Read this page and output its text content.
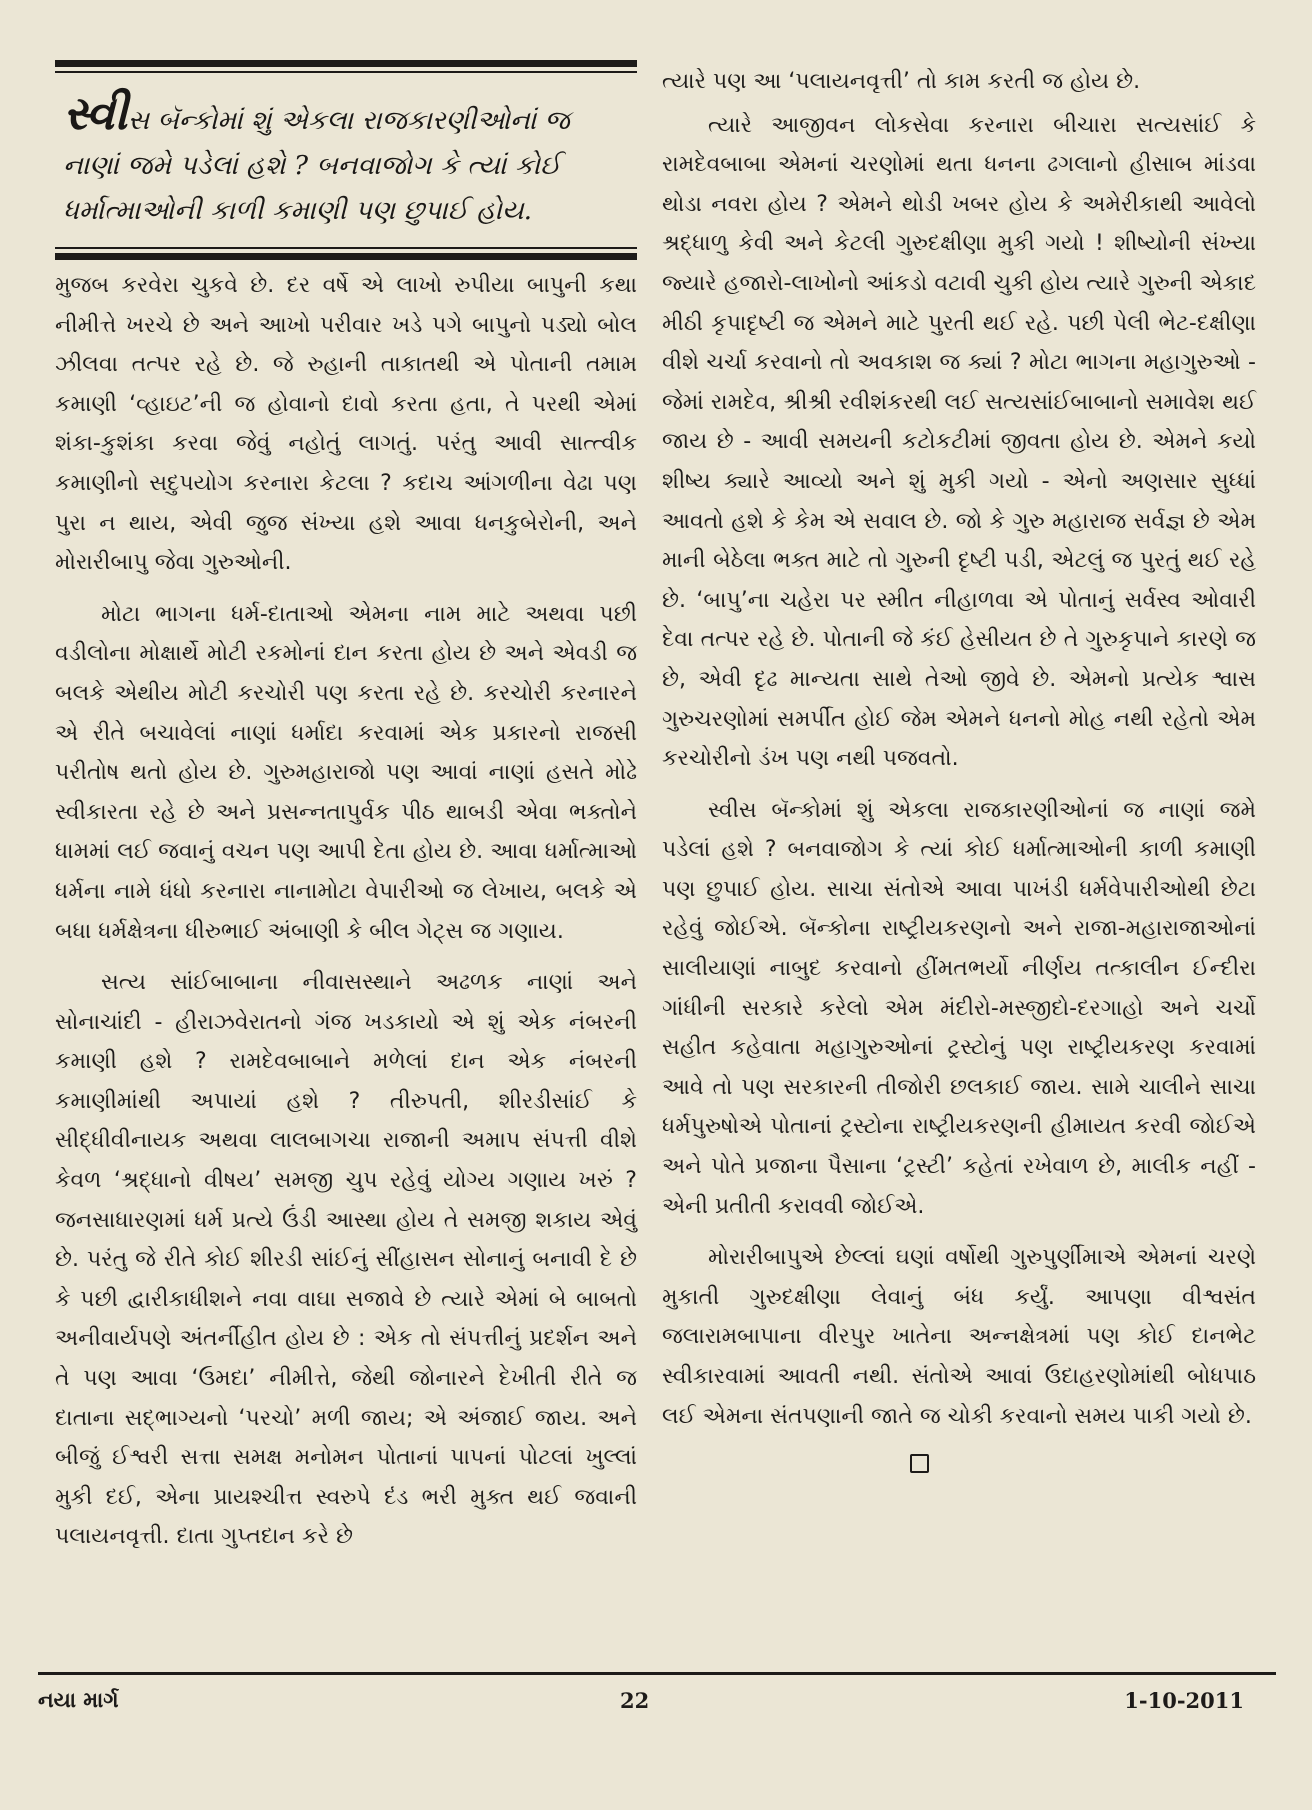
સ્વીસ બૅન્કોમાં શું એકલા રાજકારણીઓનાં જ નાણાં જમે પડેલાં હશે ? બનવાજોગ કે ત્યાં કોઈ ધર્માત્માઓની કાળી કમાણી પણ છુપાઈ હોય.

મુજબ કરવેરા ચુકવે છે. દર વર્ષે એ લાખો રુપીયા બાપુની કથા નીમીત્તે ખરચે છે અને આખો પરીવાર ખડે પગે બાપુનો પડ્યો બોલ ઝીલવા તત્પર રહે છે. જે રુહાની તાકાતથી એ પોતાની તમામ કમાણી ‘વ્હાઇટ’ની જ હોવાનો દાવો કરતા હતા, તે પરથી એમાં શંકા-કુશંકા કરવા જેવું નહોતું લાગતું. પરંતુ આવી સાત્ત્વીક કમાણીનો સદુપયોગ કરનારા કેટલા ? કદાચ આંગળીના વેઢા પણ પુરા ન થાય, એવી જુજ સંખ્યા હશે આવા ધનકુબેરોની, અને મોરારીબાપુ જેવા ગુરુઓની.

મોટા ભાગના ધર્મ-દાતાઓ એમના નામ માટે અથવા પછી વડીલોના મોક્ષાર્થે મોટી રકમોનાં દાન કરતા હોય છે અને એવડી જ બલકે એથીય મોટી કરચોરી પણ કરતા રહે છે. કરચોરી કરનારને એ રીતે બચાવેલાં નાણાં ધર્માદા કરવામાં એક પ્રકારનો રાજસી પરીતોષ થતો હોય છે. ગુરુમહારાજો પણ આવાં નાણાં હસતે મોઢે સ્વીકારતા રહે છે અને પ્રસન્નતાપુર્વક પીઠ થાબડી એવા ભક્તોને ધામમાં લઈ જવાનું વચન પણ આપી દેતા હોય છે. આવા ધર્માત્માઓ ધર્મના નામે ધંધો કરનારા નાનામોટા વેપારીઓ જ લેખાય, બલકે એ બધા ધર્મક્ષેત્રના ધીરુભાઈ અંબાણી કે બીલ ગેટ્સ જ ગણાય.

સત્ય સાંઈબાબાના નીવાસસ્થાને અઢળક નાણાં અને સોનાચાંદી - હીરાઝવેરાતનો ગંજ ખડકાયો એ શું એક નંબરની કમાણી હશે ? રામદેવબાબાને મળેલાં દાન એક નંબરની કમાણીમાંથી અપાયાં હશે ? તીરુપતી, શીરડીસાંઈ કે સીદ્ધીવીનાયક અથવા લાલબાગચા રાજાની અમાપ સંપત્તી વીશે કેવળ ‘શ્રદ્ધાનો વીષય’ સમજી ચુપ રહેવું યોગ્ય ગણાય ખરું ? જનસાધારણમાં ધર્મ પ્રત્યે ઉંડી આસ્થા હોય તે સમજી શકાય એવું છે. પરંતુ જે રીતે કોઈ શીરડી સાંઈનું સીંહાસન સોનાનું બનાવી દે છે કે પછી દ્વારીકાધીશને નવા વાઘા સજાવે છે ત્યારે એમાં બે બાબતો અનીવાર્યપણે અંતર્નીહીત હોય છે : એક તો સંપત્તીનું પ્રદર્શન અને તે પણ આવા ‘ઉમદા’ નીમીત્તે, જેથી જોનારને દેખીતી રીતે જ દાતાના સદ્ભાગ્યનો ‘પરચો’ મળી જાય; એ અંજાઈ જાય. અને બીજું ઈશ્વરી સત્તા સમક્ષ મનોમન પોતાનાં પાપનાં પોટલાં ખુલ્લાં મુકી દઈ, એના પ્રાયશ્ચીત્ત સ્વરુપે દંડ ભરી મુક્ત થઈ જવાની પલાયનવૃત્તી. દાતા ગુપ્તદાન કરે છે

ત્યારે પણ આ ‘પલાયનવૃત્તી’ તો કામ કરતી જ હોય છે.

ત્યારે આજીવન લોકસેવા કરનારા બીચારા સત્યસાંઈ કે રામદેવબાબા એમનાં ચરણોમાં થતા ધનના ઢગલાનો હીસાબ માંડવા થોડા નવરા હોય ? એમને થોડી ખબર હોય કે અમેરીકાથી આવેલો શ્રદ્ધાળુ કેવી અને કેટલી ગુરુદક્ષીણા મુકી ગયો ! શીષ્યોની સંખ્યા જ્યારે હજારો-લાખોનો આંકડો વટાવી ચુકી હોય ત્યારે ગુરુની એકાદ મીઠી કૃપાદૃષ્ટી જ એમને માટે પુરતી થઈ રહે. પછી પેલી ભેટ-દક્ષીણા વીશે ચર્ચા કરવાનો તો અવકાશ જ ક્યાં ? મોટા ભાગના મહાગુરુઓ - જેમાં રામદેવ, શ્રીશ્રી રવીશંકરથી લઈ સત્યસાંઈબાબાનો સમાવેશ થઈ જાય છે - આવી સમયની કટોકટીમાં જીવતા હોય છે. એમને કયો શીષ્ય ક્યારે આવ્યો અને શું મુકી ગયો - એનો અણસાર સુધ્ધાં આવતો હશે કે કેમ એ સવાલ છે. જો કે ગુરુ મહારાજ સર્વજ્ઞ છે એમ માની બેઠેલા ભક્ત માટે તો ગુરુની દૃષ્ટી પડી, એટલું જ પુરતું થઈ રહે છે. ‘બાપુ’ના ચહેરા પર સ્મીત નીહાળવા એ પોતાનું સર્વસ્વ ઓવારી દેવા તત્પર રહે છે. પોતાની જે કંઈ હેસીયત છે તે ગુરુકૃપાને કારણે જ છે, એવી દૃઢ માન્યતા સાથે તેઓ જીવે છે. એમનો પ્રત્યેક શ્વાસ ગુરુચરણોમાં સમર્પીત હોઈ જેમ એમને ધનનો મોહ નથી રહેતો એમ કરચોરીનો ડંખ પણ નથી પજવતો.

સ્વીસ બૅન્કોમાં શું એકલા રાજકારણીઓનાં જ નાણાં જમે પડેલાં હશે ? બનવાજોગ કે ત્યાં કોઈ ધર્માત્માઓની કાળી કમાણી પણ છુપાઈ હોય. સાચા સંતોએ આવા પાખંડી ધર્મવેપારીઓથી છેટા રહેવું જોઈએ. બૅન્કોના રાષ્ટ્રીયકરણનો અને રાજા-મહારાજાઓનાં સાલીયાણાં નાબુદ કરવાનો હીંમતભર્યો નીર્ણય તત્કાલીન ઈન્દીરા ગાંધીની સરકારે કરેલો એમ મંદીરો-મસ્જીદો-દરગાહો અને ચર્ચો સહીત કહેવાતા મહાગુરુઓનાં ટ્રસ્ટોનું પણ રાષ્ટ્રીયકરણ કરવામાં આવે તો પણ સરકારની તીજોરી છલકાઈ જાય. સામે ચાલીને સાચા ધર્મપુરુષોએ પોતાનાં ટ્રસ્ટોના રાષ્ટ્રીયકરણની હીમાયત કરવી જોઈએ અને પોતે પ્રજાના પૈસાના ‘ટ્રસ્ટી’ કહેતાં રખેવાળ છે, માલીક નહીં - એની પ્રતીતી કરાવવી જોઈએ.

મોરારીબાપુએ છેલ્લાં ઘણાં વર્ષોથી ગુરુપુર્ણીમાએ એમનાં ચરણે મુકાતી ગુરુદક્ષીણા લેવાનું બંધ કર્યું. આપણા વીશ્વસંત જલારામબાપાના વીરપુર ખાતેના અન્નક્ષેત્રમાં પણ કોઈ દાનભેટ સ્વીકારવામાં આવતી નથી. સંતોએ આવાં ઉદાહરણોમાંથી બોધપાઠ લઈ એમના સંતપણાની જાતે જ ચોકી કરવાનો સમય પાકી ગયો છે.

નયા માર્ગ	22	1-10-2011
